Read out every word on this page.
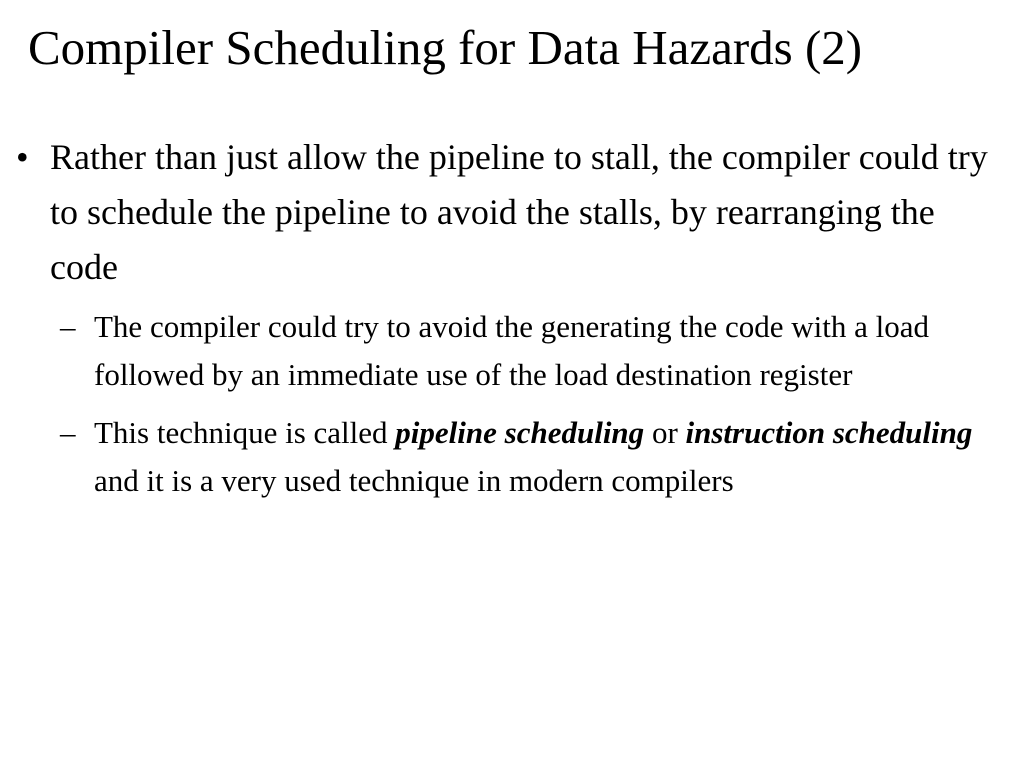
Compiler Scheduling for Data Hazards (2)
• Rather than just allow the pipeline to stall, the compiler could try to schedule the pipeline to avoid the stalls, by rearranging the code
– The compiler could try to avoid the generating the code with a load followed by an immediate use of the load destination register
– This technique is called pipeline scheduling or instruction scheduling and it is a very used technique in modern compilers
